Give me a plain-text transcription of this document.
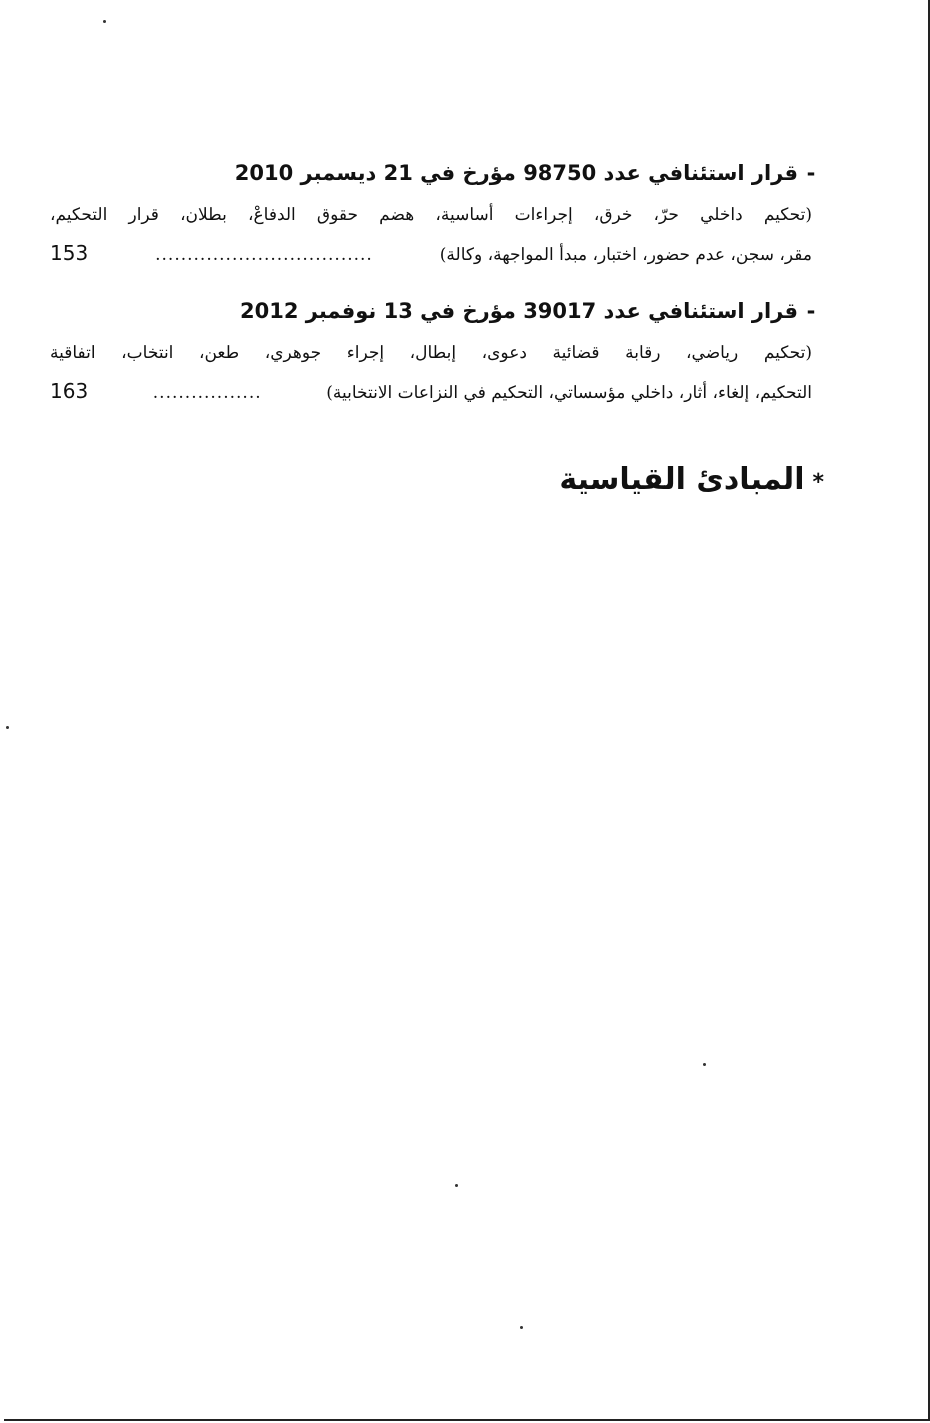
-
قرار استئنافي عدد 98750 مؤرخ في 21 ديسمبر 2010
(تحكيم داخلي حرّ، خرق، إجراءات أساسية، هضم حقوق الدفاعْ، بطلان، قرار التحكيم،
مقر، سجن، عدم حضور، اختبار، مبدأ المواجهة، وكالة)
..................................
153
-
قرار استئنافي عدد 39017 مؤرخ في 13 نوفمبر 2012
(تحكيم رياضي، رقابة قضائية دعوى، إبطال، إجراء جوهري، طعن، انتخاب، اتفاقية
التحكيم، إلغاء، أثار، داخلي مؤسساتي، التحكيم في النزاعات الانتخابية)
.................
163
*المبادئ القياسية
